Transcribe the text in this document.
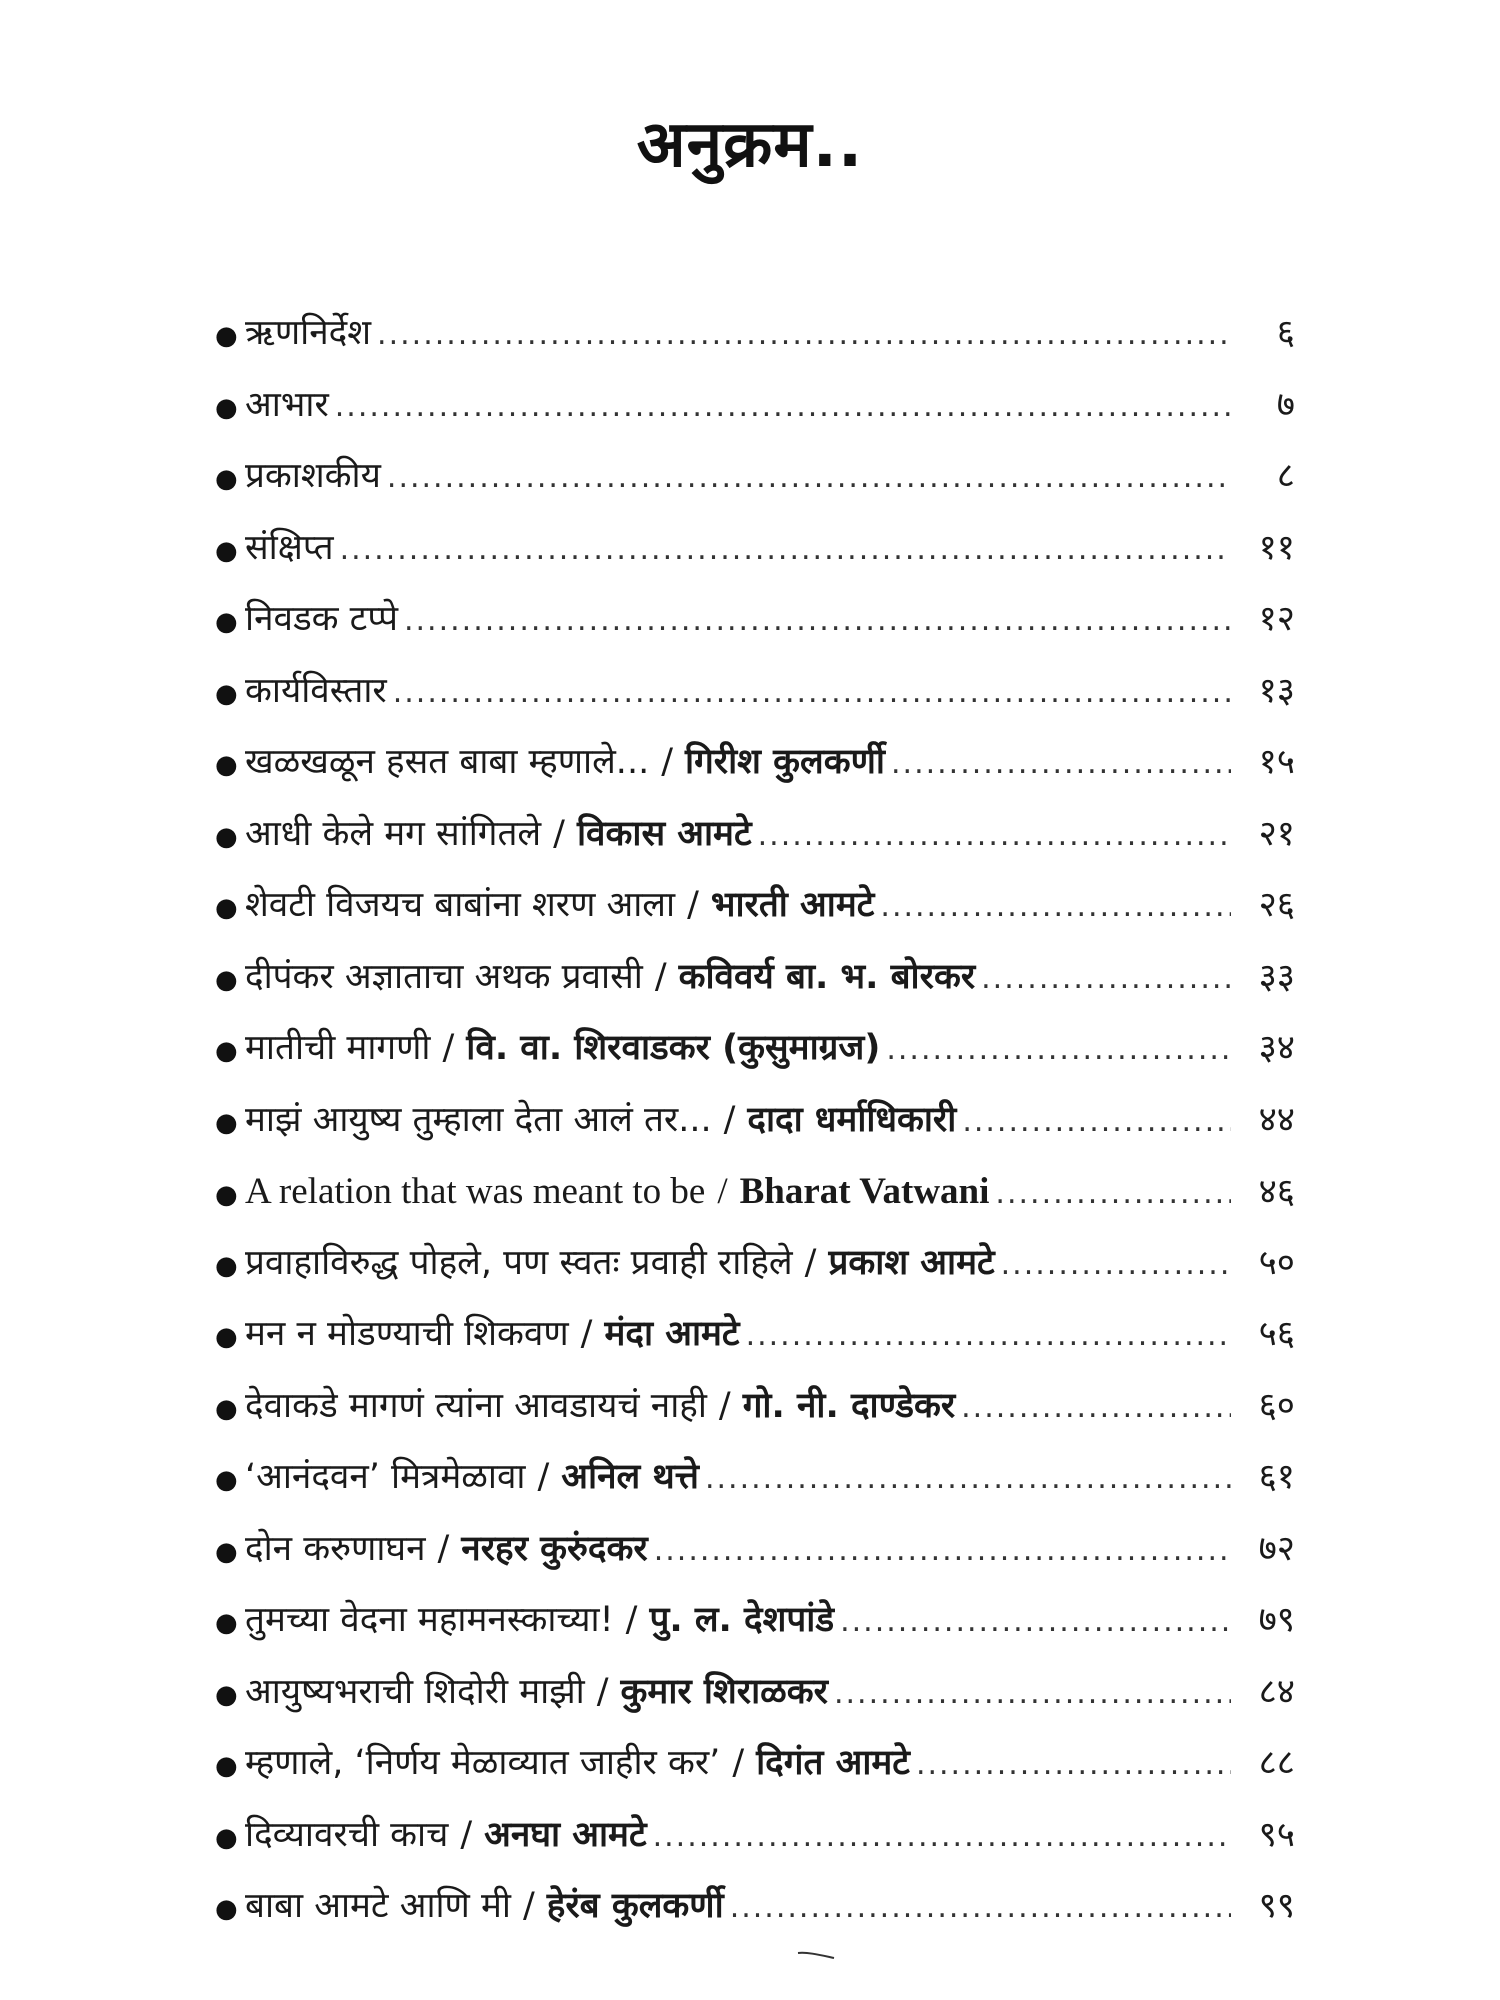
अनुक्रम..
● ऋणनिर्देश .....	६
● आभार .....	७
● प्रकाशकीय .....	८
● संक्षिप्त .....	११
● निवडक टप्पे .....	१२
● कार्यविस्तार .....	१३
● खळखळून हसत बाबा म्हणाले... / गिरीश कुलकर्णी .....	१५
● आधी केले मग सांगितले / विकास आमटे .....	२१
● शेवटी विजयच बाबांना शरण आला / भारती आमटे .....	२६
● दीपंकर अज्ञाताचा अथक प्रवासी / कविवर्य बा. भ. बोरकर .....	३३
● मातीची मागणी / वि. वा. शिरवाडकर (कुसुमाग्रज) .....	३४
● माझं आयुष्य तुम्हाला देता आलं तर... / दादा धर्माधिकारी .....	४४
● A relation that was meant to be / Bharat Vatwani .....	४६
● प्रवाहाविरुद्ध पोहले, पण स्वतः प्रवाही राहिले / प्रकाश आमटे .....	५०
● मन न मोडण्याची शिकवण / मंदा आमटे .....	५६
● देवाकडे मागणं त्यांना आवडायचं नाही / गो. नी. दाण्डेकर .....	६०
● ‘आनंदवन’ मित्रमेळावा / अनिल थत्ते .....	६१
● दोन करुणाघन / नरहर कुरुंदकर .....	७२
● तुमच्या वेदना महामनस्काच्या! / पु. ल. देशपांडे .....	७९
● आयुष्यभराची शिदोरी माझी / कुमार शिराळकर .....	८४
● म्हणाले, ‘निर्णय मेळाव्यात जाहीर कर’ / दिगंत आमटे .....	८८
● दिव्यावरची काच / अनघा आमटे .....	९५
● बाबा आमटे आणि मी / हेरंब कुलकर्णी .....	९९
